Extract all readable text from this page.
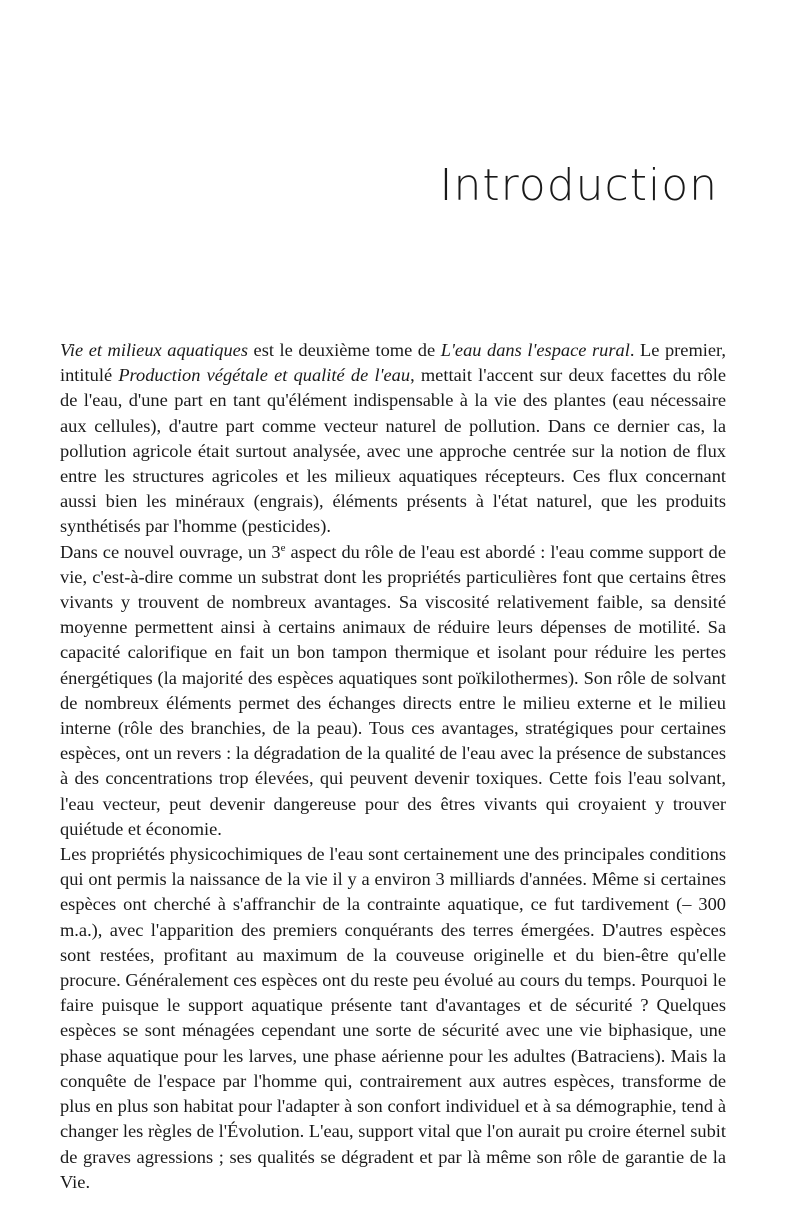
Introduction

Vie et milieux aquatiques est le deuxième tome de L'eau dans l'espace rural. Le premier, intitulé Production végétale et qualité de l'eau, mettait l'accent sur deux facettes du rôle de l'eau, d'une part en tant qu'élément indispensable à la vie des plantes (eau nécessaire aux cellules), d'autre part comme vecteur naturel de pollution. Dans ce dernier cas, la pollution agricole était surtout analysée, avec une approche centrée sur la notion de flux entre les structures agricoles et les milieux aquatiques récepteurs. Ces flux concernant aussi bien les minéraux (engrais), éléments présents à l'état naturel, que les produits synthétisés par l'homme (pesticides).

Dans ce nouvel ouvrage, un 3e aspect du rôle de l'eau est abordé : l'eau comme support de vie, c'est-à-dire comme un substrat dont les propriétés particulières font que certains êtres vivants y trouvent de nombreux avantages. Sa viscosité relativement faible, sa densité moyenne permettent ainsi à certains animaux de réduire leurs dépenses de motilité. Sa capacité calorifique en fait un bon tampon thermique et isolant pour réduire les pertes énergétiques (la majorité des espèces aquatiques sont poïkilothermes). Son rôle de solvant de nombreux éléments permet des échanges directs entre le milieu externe et le milieu interne (rôle des branchies, de la peau). Tous ces avantages, stratégiques pour certaines espèces, ont un revers : la dégradation de la qualité de l'eau avec la présence de substances à des concentrations trop élevées, qui peuvent devenir toxiques. Cette fois l'eau solvant, l'eau vecteur, peut devenir dangereuse pour des êtres vivants qui croyaient y trouver quiétude et économie.

Les propriétés physicochimiques de l'eau sont certainement une des principales conditions qui ont permis la naissance de la vie il y a environ 3 milliards d'années. Même si certaines espèces ont cherché à s'affranchir de la contrainte aquatique, ce fut tardivement (– 300 m.a.), avec l'apparition des premiers conquérants des terres émergées. D'autres espèces sont restées, profitant au maximum de la couveuse originelle et du bien-être qu'elle procure. Généralement ces espèces ont du reste peu évolué au cours du temps. Pourquoi le faire puisque le support aquatique présente tant d'avantages et de sécurité ? Quelques espèces se sont ménagées cependant une sorte de sécurité avec une vie biphasique, une phase aquatique pour les larves, une phase aérienne pour les adultes (Batraciens). Mais la conquête de l'espace par l'homme qui, contrairement aux autres espèces, transforme de plus en plus son habitat pour l'adapter à son confort individuel et à sa démographie, tend à changer les règles de l'Évolution. L'eau, support vital que l'on aurait pu croire éternel subit de graves agressions ; ses qualités se dégradent et par là même son rôle de garantie de la Vie.
